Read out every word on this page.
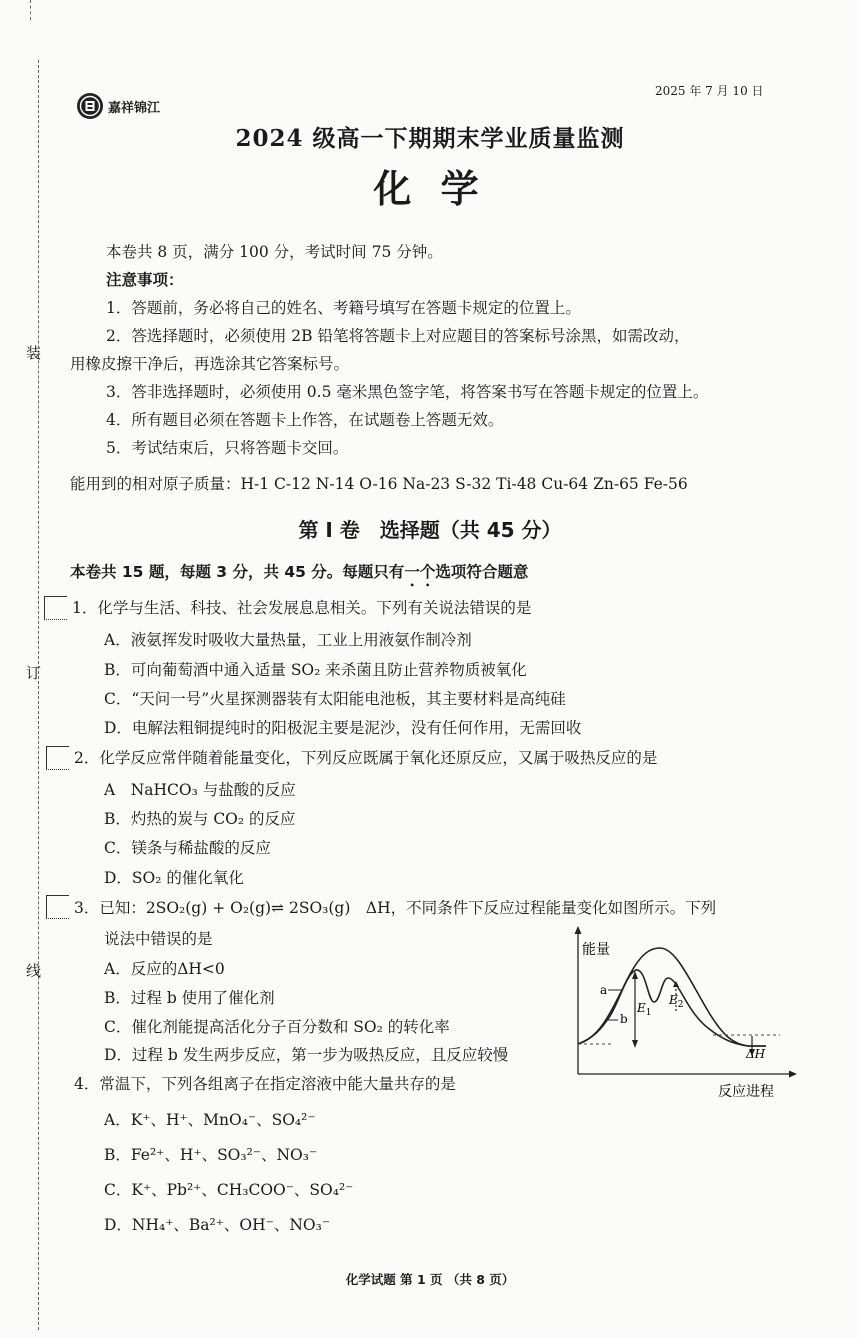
装
订
线
嘉祥锦江
2025 年 7 月 10 日
2024 级高一下期期末学业质量监测
化 学
本卷共 8 页，满分 100 分，考试时间 75 分钟。
注意事项：
1．答题前，务必将自己的姓名、考籍号填写在答题卡规定的位置上。
2．答选择题时，必须使用 2B 铅笔将答题卡上对应题目的答案标号涂黑，如需改动，
用橡皮擦干净后，再选涂其它答案标号。
3．答非选择题时，必须使用 0.5 毫米黑色签字笔，将答案书写在答题卡规定的位置上。
4．所有题目必须在答题卡上作答，在试题卷上答题无效。
5．考试结束后，只将答题卡交回。
能用到的相对原子质量：H-1 C-12 N-14 O-16 Na-23 S-32 Ti-48 Cu-64 Zn-65 Fe-56
第 I 卷　选择题（共 45 分）
本卷共 15 题，每题 3 分，共 45 分。每题只有一个选项符合题意
1．化学与生活、科技、社会发展息息相关。下列有关说法错误的是
A．液氨挥发时吸收大量热量，工业上用液氨作制冷剂
B．可向葡萄酒中通入适量 SO₂ 来杀菌且防止营养物质被氧化
C．“天问一号”火星探测器装有太阳能电池板，其主要材料是高纯硅
D．电解法粗铜提纯时的阳极泥主要是泥沙，没有任何作用，无需回收
2．化学反应常伴随着能量变化，下列反应既属于氧化还原反应，又属于吸热反应的是
A　NaHCO₃ 与盐酸的反应
B．灼热的炭与 CO₂ 的反应
C．镁条与稀盐酸的反应
D．SO₂ 的催化氧化
3．已知：2SO₂(g) + O₂(g)⇌ 2SO₃(g)　ΔH，不同条件下反应过程能量变化如图所示。下列
说法中错误的是
A．反应的ΔH<0
B．过程 b 使用了催化剂
C．催化剂能提高活化分子百分数和 SO₂ 的转化率
D．过程 b 发生两步反应，第一步为吸热反应，且反应较慢
能量
反应进程
$E_1$
$E_2$
ΔH
a
b
4．常温下，下列各组离子在指定溶液中能大量共存的是
A．K⁺、H⁺、MnO₄⁻、SO₄²⁻
B．Fe²⁺、H⁺、SO₃²⁻、NO₃⁻
C．K⁺、Pb²⁺、CH₃COO⁻、SO₄²⁻
D．NH₄⁺、Ba²⁺、OH⁻、NO₃⁻
化学试题 第 1 页 （共 8 页）
